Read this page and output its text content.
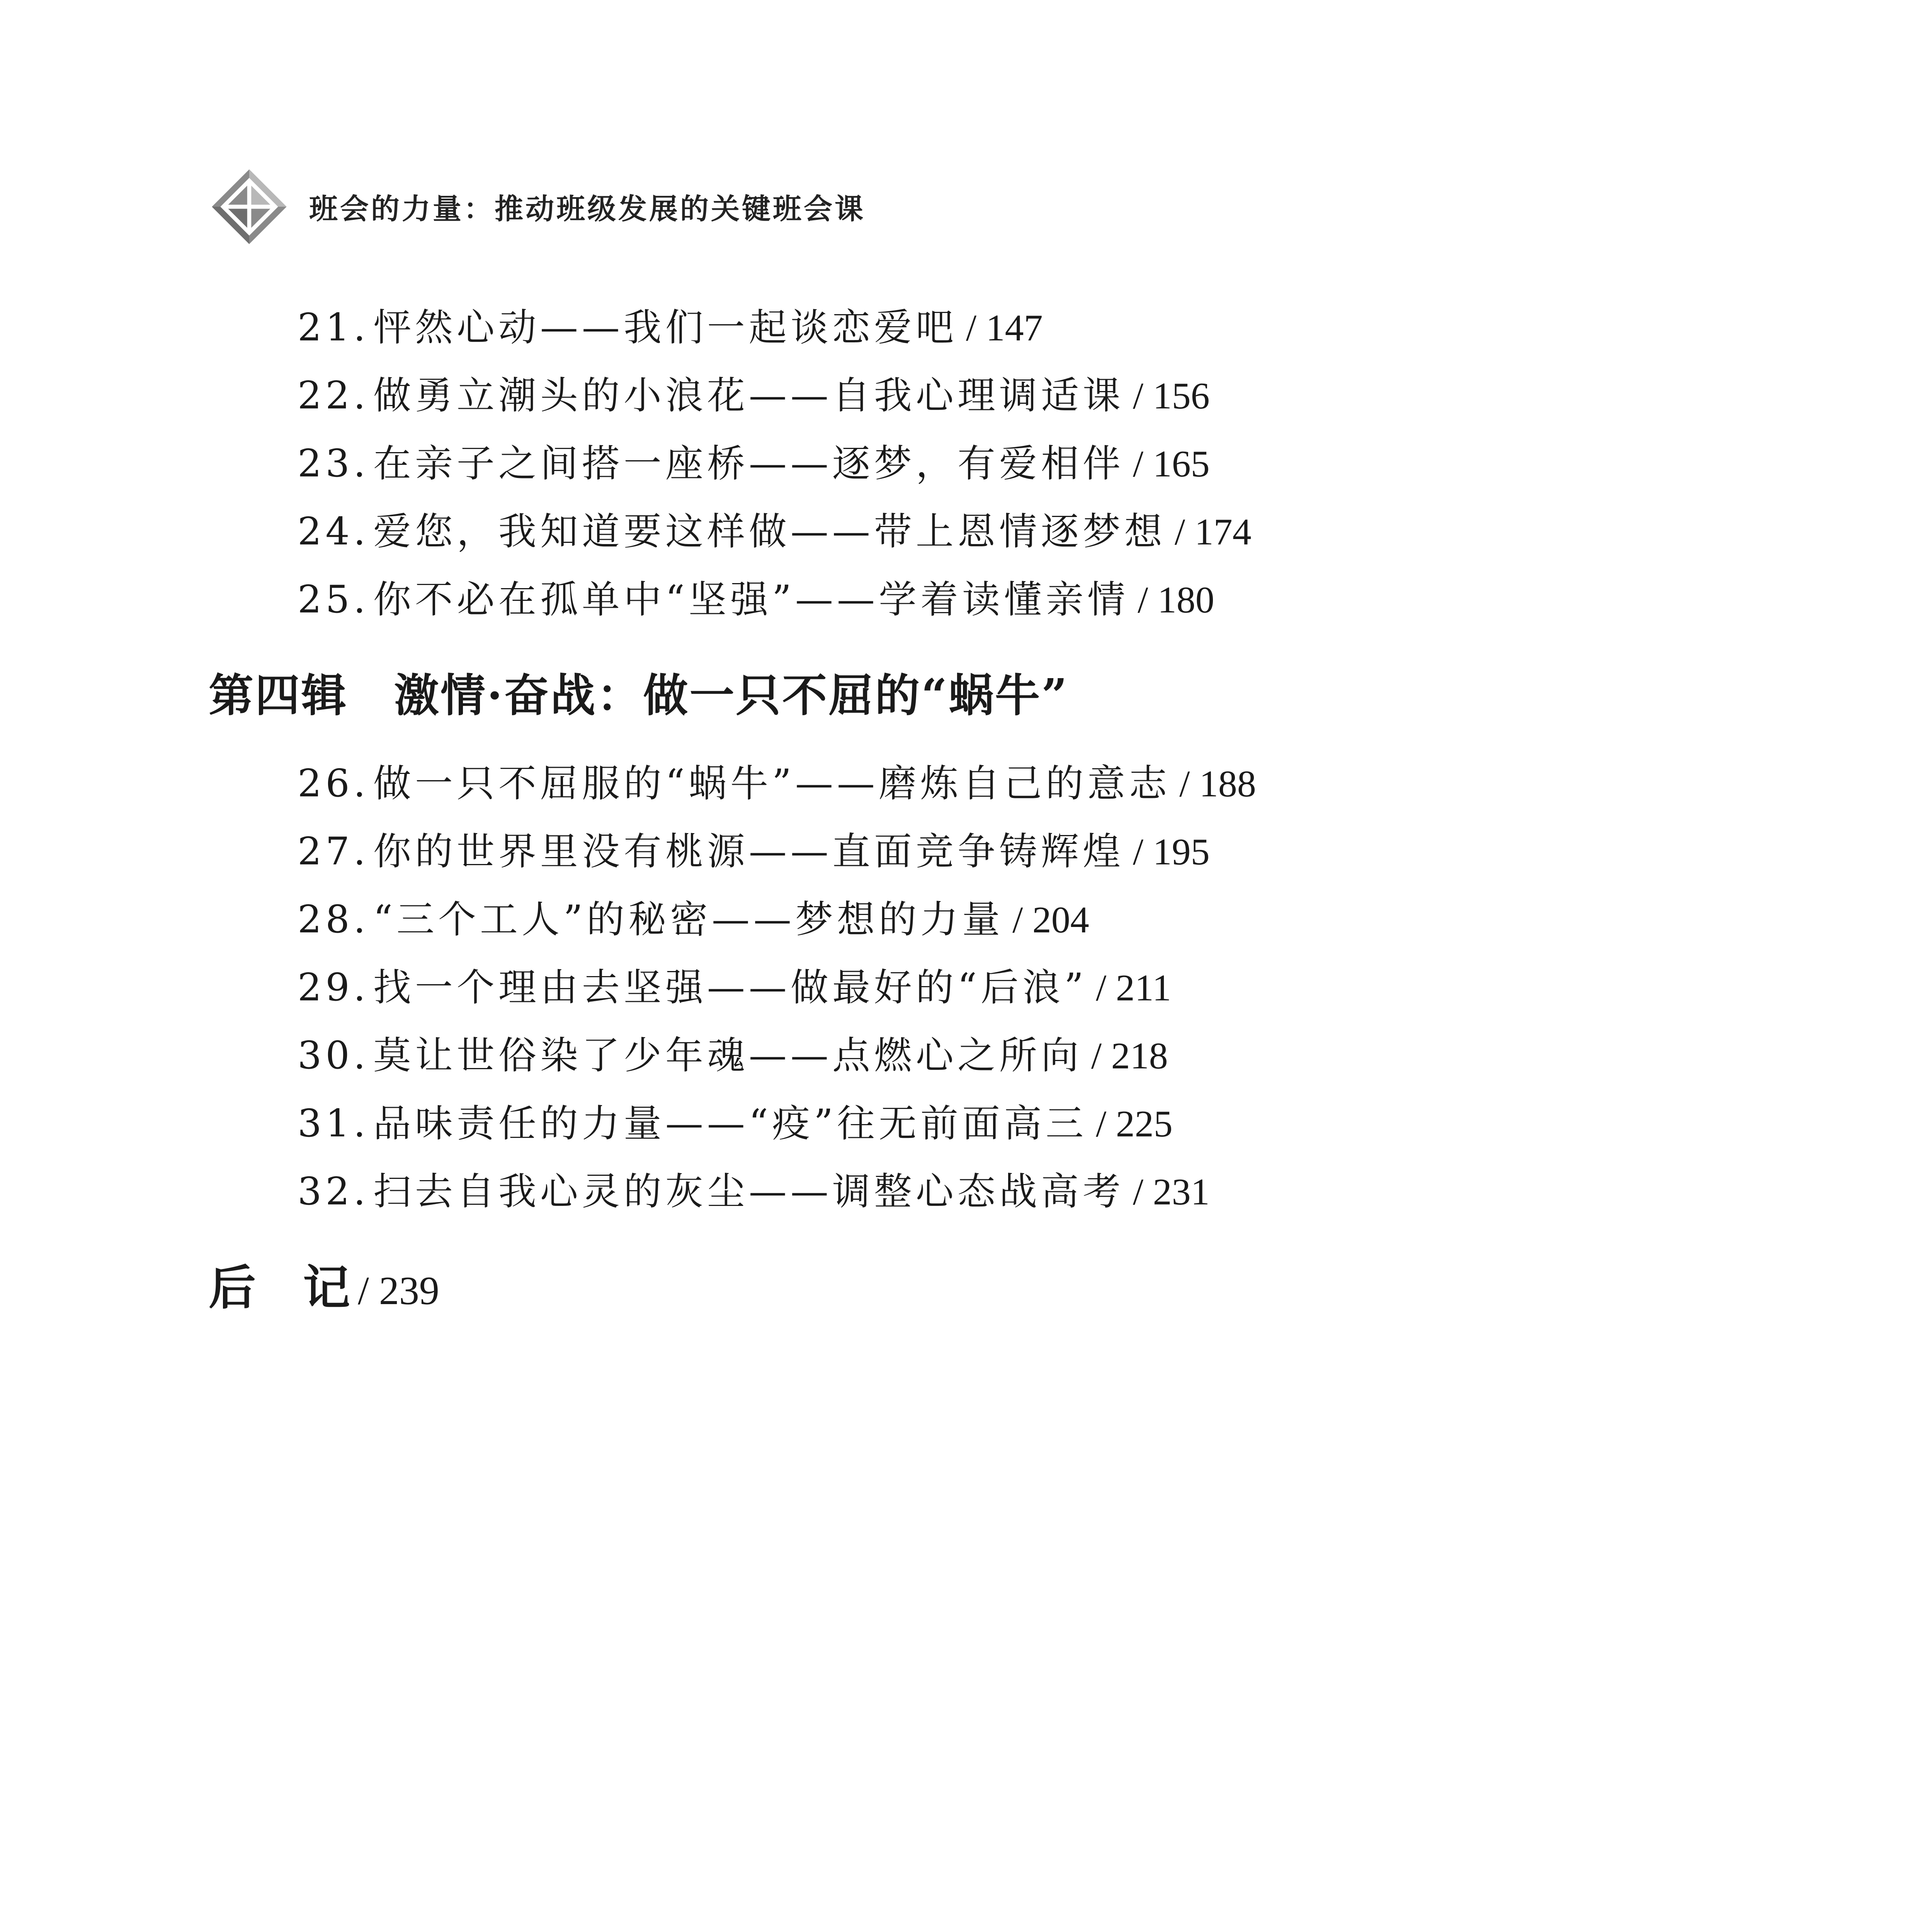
班会的力量：推动班级发展的关键班会课
21. 怦然心动——我们一起谈恋爱吧 / 147
22. 做勇立潮头的小浪花——自我心理调适课 / 156
23. 在亲子之间搭一座桥——逐梦，有爱相伴 / 165
24. 爱您，我知道要这样做——带上恩情逐梦想 / 174
25. 你不必在孤单中“坚强”——学着读懂亲情 / 180
第四辑　 激情·奋战：做一只不屈的“蜗牛”
26. 做一只不屈服的“蜗牛”——磨炼自己的意志 / 188
27. 你的世界里没有桃源——直面竞争铸辉煌 / 195
28. “三个工人”的秘密——梦想的力量 / 204
29. 找一个理由去坚强——做最好的“后浪” / 211
30. 莫让世俗染了少年魂——点燃心之所向 / 218
31. 品味责任的力量——“疫”往无前面高三 / 225
32. 扫去自我心灵的灰尘——调整心态战高考 / 231
后　记 / 239
